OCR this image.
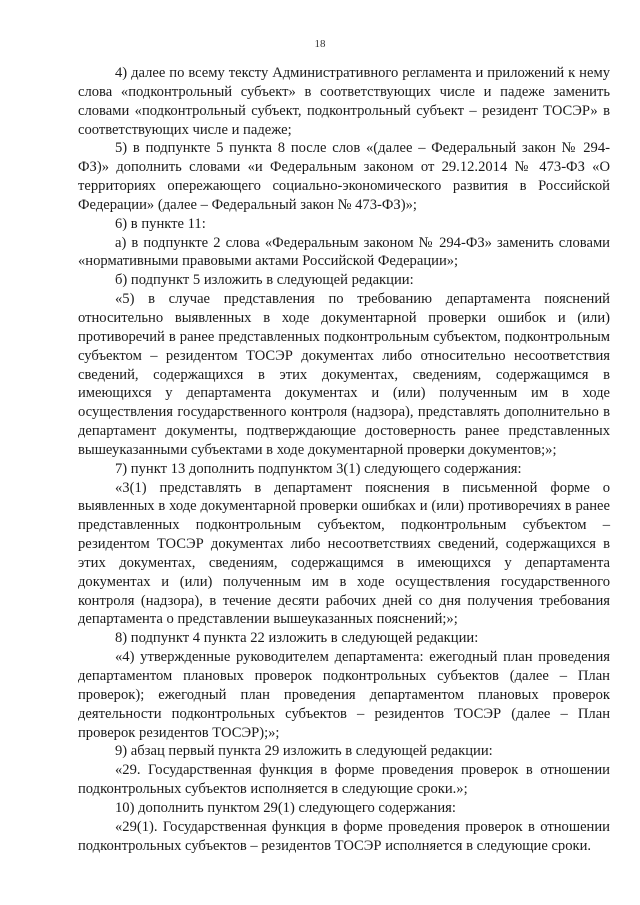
18

4) далее по всему тексту Административного регламента и приложений к нему слова «подконтрольный субъект» в соответствующих числе и падеже заменить словами «подконтрольный субъект, подконтрольный субъект – резидент ТОСЭР» в соответствующих числе и падеже;

5) в подпункте 5 пункта 8 после слов «(далее – Федеральный закон № 294-ФЗ)» дополнить словами «и Федеральным законом от 29.12.2014 № 473-ФЗ «О территориях опережающего социально-экономического развития в Российской Федерации» (далее – Федеральный закон № 473-ФЗ)»;

6) в пункте 11:

а) в подпункте 2 слова «Федеральным законом № 294-ФЗ» заменить словами «нормативными правовыми актами Российской Федерации»;

б) подпункт 5 изложить в следующей редакции:

«5) в случае представления по требованию департамента пояснений относительно выявленных в ходе документарной проверки ошибок и (или) противоречий в ранее представленных подконтрольным субъектом, подконтрольным субъектом – резидентом ТОСЭР документах либо относительно несоответствия сведений, содержащихся в этих документах, сведениям, содержащимся в имеющихся у департамента документах и (или) полученным им в ходе осуществления государственного контроля (надзора), представлять дополнительно в департамент документы, подтверждающие достоверность ранее представленных вышеуказанными субъектами в ходе документарной проверки документов;»;

7) пункт 13 дополнить подпунктом 3(1) следующего содержания:

«3(1) представлять в департамент пояснения в письменной форме о выявленных в ходе документарной проверки ошибках и (или) противоречиях в ранее представленных подконтрольным субъектом, подконтрольным субъектом – резидентом ТОСЭР документах либо несоответствиях сведений, содержащихся в этих документах, сведениям, содержащимся в имеющихся у департамента документах и (или) полученным им в ходе осуществления государственного контроля (надзора), в течение десяти рабочих дней со дня получения требования департамента о представлении вышеуказанных пояснений;»;

8) подпункт 4 пункта 22 изложить в следующей редакции:

«4) утвержденные руководителем департамента: ежегодный план проведения департаментом плановых проверок подконтрольных субъектов (далее – План проверок); ежегодный план проведения департаментом плановых проверок деятельности подконтрольных субъектов – резидентов ТОСЭР (далее – План проверок резидентов ТОСЭР);»;

9) абзац первый пункта 29 изложить в следующей редакции:

«29. Государственная функция в форме проведения проверок в отношении подконтрольных субъектов исполняется в следующие сроки.»;

10) дополнить пунктом 29(1) следующего содержания:

«29(1). Государственная функция в форме проведения проверок в отношении подконтрольных субъектов – резидентов ТОСЭР исполняется в следующие сроки.
